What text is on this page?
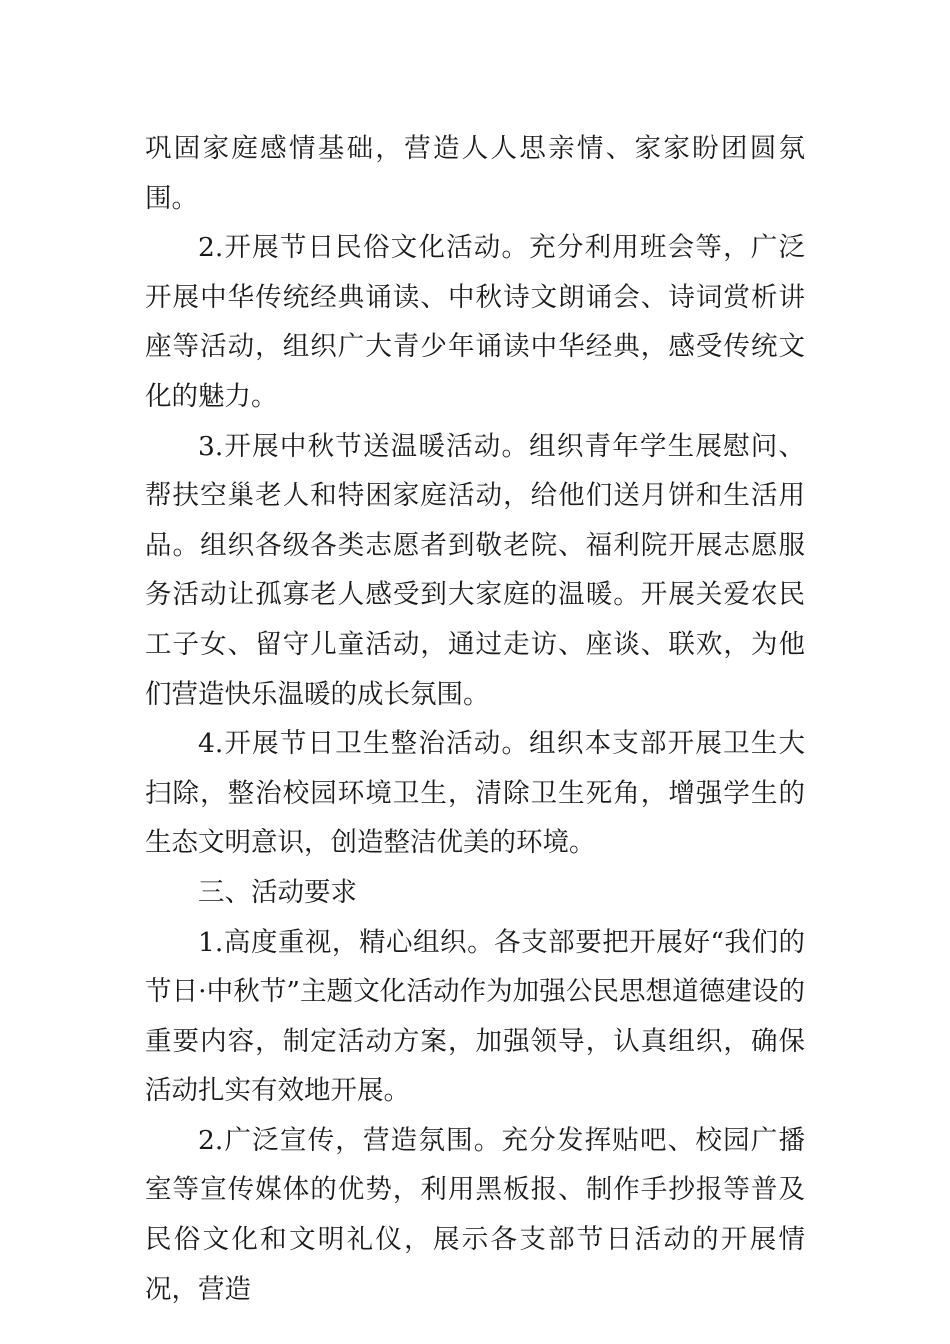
巩固家庭感情基础，营造人人思亲情、家家盼团圆氛围。

2.开展节日民俗文化活动。充分利用班会等，广泛开展中华传统经典诵读、中秋诗文朗诵会、诗词赏析讲座等活动，组织广大青少年诵读中华经典，感受传统文化的魅力。

3.开展中秋节送温暖活动。组织青年学生展慰问、帮扶空巢老人和特困家庭活动，给他们送月饼和生活用品。组织各级各类志愿者到敬老院、福利院开展志愿服务活动让孤寡老人感受到大家庭的温暖。开展关爱农民工子女、留守儿童活动，通过走访、座谈、联欢，为他们营造快乐温暖的成长氛围。

4.开展节日卫生整治活动。组织本支部开展卫生大扫除，整治校园环境卫生，清除卫生死角，增强学生的生态文明意识，创造整洁优美的环境。

三、活动要求

1.高度重视，精心组织。各支部要把开展好“我们的节日·中秋节”主题文化活动作为加强公民思想道德建设的重要内容，制定活动方案，加强领导，认真组织，确保活动扎实有效地开展。

2.广泛宣传，营造氛围。充分发挥贴吧、校园广播室等宣传媒体的优势，利用黑板报、制作手抄报等普及民俗文化和文明礼仪，展示各支部节日活动的开展情况，营造
